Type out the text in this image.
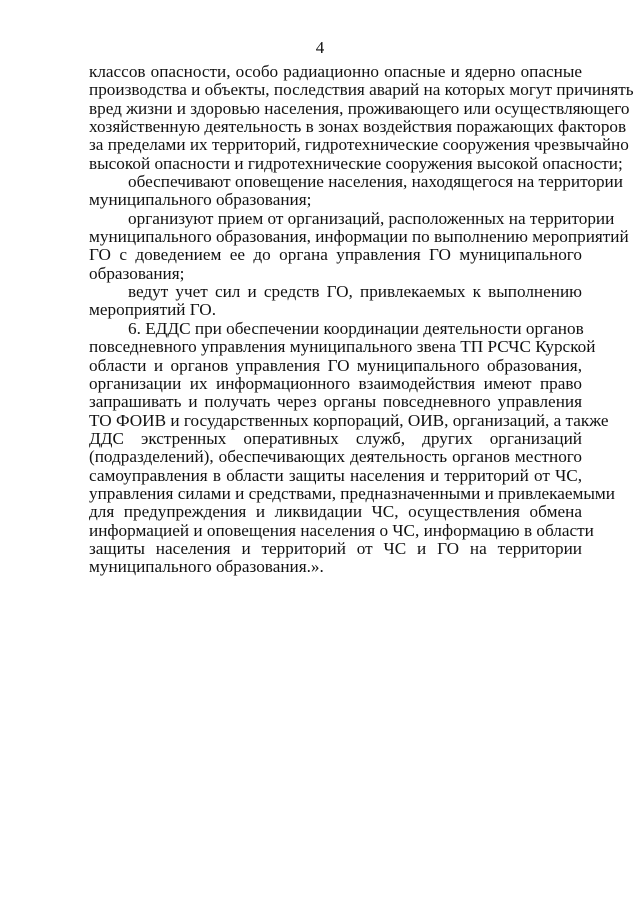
4
классов опасности, особо радиационно опасные и ядерно опасные
производства и объекты, последствия аварий на которых могут причинять
вред жизни и здоровью населения, проживающего или осуществляющего
хозяйственную деятельность в зонах воздействия поражающих факторов
за пределами их территорий, гидротехнические сооружения чрезвычайно
высокой опасности и гидротехнические сооружения высокой опасности;
обеспечивают оповещение населения, находящегося на территории
муниципального образования;
организуют прием от организаций, расположенных на территории
муниципального образования, информации по выполнению мероприятий
ГО с доведением ее до органа управления ГО муниципального
образования;
ведут учет сил и средств ГО, привлекаемых к выполнению
мероприятий ГО.
6. ЕДДС при обеспечении координации деятельности органов
повседневного управления муниципального звена ТП РСЧС Курской
области и органов управления ГО муниципального образования,
организации их информационного взаимодействия имеют право
запрашивать и получать через органы повседневного управления
ТО ФОИВ и государственных корпораций, ОИВ, организаций, а также
ДДС экстренных оперативных служб, других организаций
(подразделений), обеспечивающих деятельность органов местного
самоуправления в области защиты населения и территорий от ЧС,
управления силами и средствами, предназначенными и привлекаемыми
для предупреждения и ликвидации ЧС, осуществления обмена
информацией и оповещения населения о ЧС, информацию в области
защиты населения и территорий от ЧС и ГО на территории
муниципального образования.».
